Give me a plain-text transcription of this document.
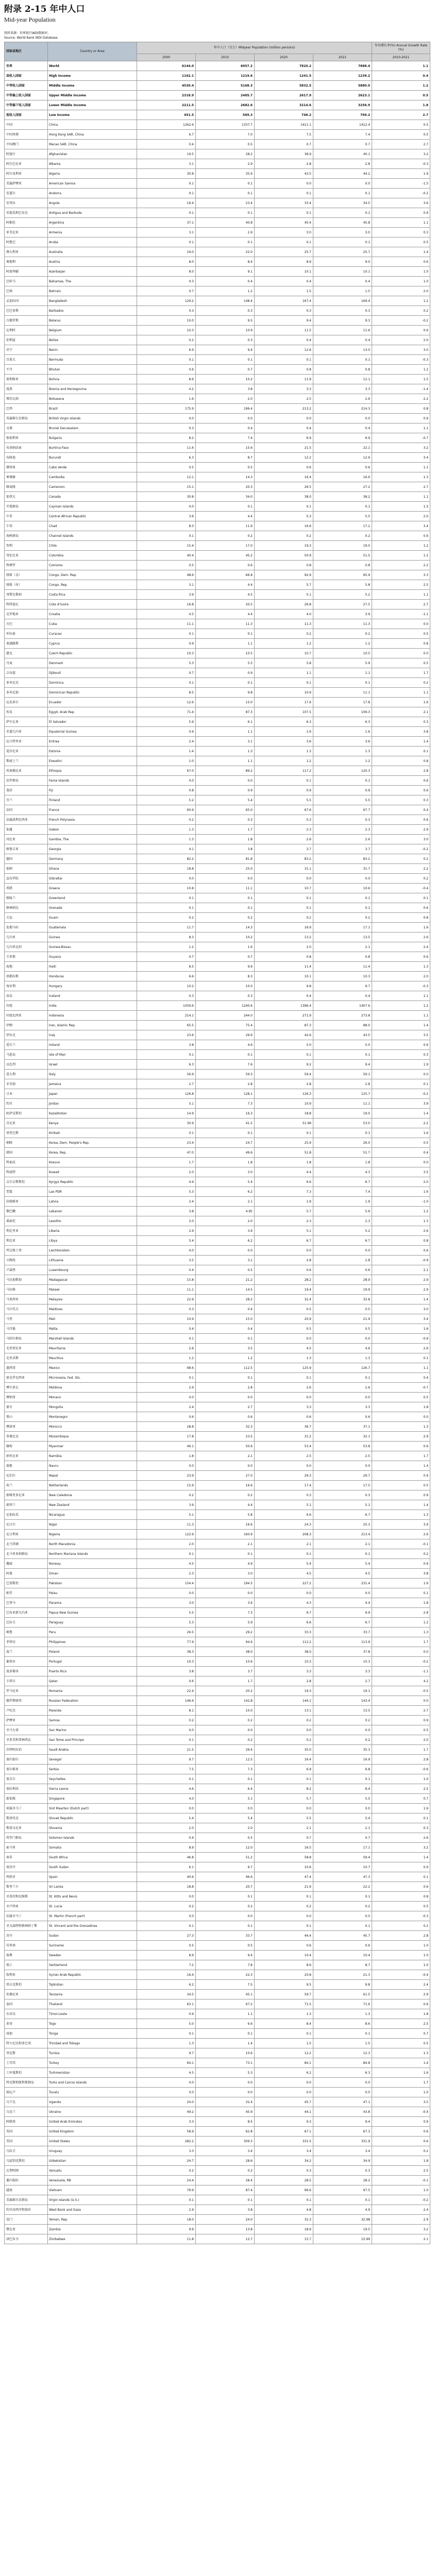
附录 2-15 年中人口
Mid-year Population
资料来源：世界银行WDI数据库。
Source: World Bank WDI Database.
国家或地区	Country or Area	年中人口（百万）Midyear Population (million persons)				年均增长率(%) Annual Growth Rate (%)
		2000	2010	2020	2021	2010-2021
世界	World	6144.0	6957.2	7820.2	7888.4	1.1
高收入国家	High Income	1162.1	1219.6	1241.5	1239.2	0.4
中等收入国家	Middle Income	4530.4	5168.3	5832.5	5880.0	1.2
中等偏上收入国家	Upper Middle Income	2318.9	2485.7	2617.9	2623.1	0.5
中等偏下收入国家	Lower Middle Income	2211.5	2682.6	3214.6	3256.9	1.8
低收入国家	Low Income	451.5	569.3	746.2	769.2	2.7
中国	China	1262.6	1337.7	1411.1	1412.4	0.5
中国香港	Hong Kong SAR, China	6.7	7.0	7.5	7.4	0.5
中国澳门	Macao SAR, China	0.4	0.5	0.7	0.7	2.7
阿富汗	Afghanistan	19.5	28.2	38.9	40.1	3.2
阿尔巴尼亚	Albania	3.1	2.9	2.8	2.8	-0.3
阿尔及利亚	Algeria	30.8	35.9	43.5	44.2	1.9
美属萨摩亚	American Samoa	0.1	0.1	0.0	0.0	-1.5
安道尔	Andorra	0.1	0.1	0.1	0.1	-0.2
安哥拉	Angola	16.4	23.4	33.4	34.5	3.6
安提瓜和巴布达	Antigua and Barbuda	0.1	0.1	0.1	0.1	0.9
阿根廷	Argentina	37.1	40.8	45.4	45.8	1.1
亚美尼亚	Armenia	3.1	2.9	3.0	3.0	0.3
阿鲁巴	Aruba	0.1	0.1	0.1	0.1	0.5
澳大利亚	Australia	19.0	22.0	25.7	25.7	1.4
奥地利	Austria	8.0	8.4	8.9	9.0	0.6
阿塞拜疆	Azerbaijan	8.0	9.1	10.1	10.1	1.0
巴哈马	Bahamas, The	0.3	0.4	0.4	0.4	1.0
巴林	Bahrain	0.7	1.2	1.5	1.5	2.0
孟加拉国	Bangladesh	129.2	148.4	167.4	169.4	1.2
巴巴多斯	Barbados	0.3	0.3	0.3	0.3	0.2
白俄罗斯	Belarus	10.0	9.5	9.4	9.3	-0.2
比利时	Belgium	10.3	10.9	11.5	11.6	0.6
伯利兹	Belize	0.2	0.3	0.4	0.4	2.0
贝宁	Benin	6.9	9.4	12.6	13.0	3.0
百慕大	Bermuda	0.1	0.1	0.1	0.1	-0.3
不丹	Bhutan	0.6	0.7	0.8	0.8	1.2
玻利维亚	Bolivia	8.6	10.2	11.9	12.1	1.5
波黑	Bosnia and Herzegovina	4.2	3.8	3.3	3.3	-1.4
博茨瓦纳	Botswana	1.6	2.0	2.5	2.6	2.2
巴西	Brazil	175.9	196.4	213.2	214.3	0.8
英属维尔京群岛	British Virgin Islands	0.0	0.0	0.0	0.0	0.9
文莱	Brunei Darussalam	0.3	0.4	0.4	0.4	1.1
保加利亚	Bulgaria	8.2	7.4	6.9	6.9	-0.7
布基纳法索	Burkina Faso	11.6	15.6	21.5	22.1	3.2
布隆迪	Burundi	6.3	8.7	12.2	12.6	3.4
佛得角	Cabo Verde	0.5	0.5	0.6	0.6	1.1
柬埔寨	Cambodia	12.1	14.3	16.4	16.6	1.3
喀麦隆	Cameroon	15.1	20.3	26.5	27.2	2.7
加拿大	Canada	30.8	34.0	38.0	38.2	1.1
开曼群岛	Cayman Islands	0.0	0.1	0.1	0.1	1.5
中非	Central African Republic	3.6	4.4	5.3	5.5	2.0
乍得	Chad	8.3	11.9	16.6	17.2	3.4
海峡群岛	Channel Islands	0.1	0.2	0.2	0.2	0.6
智利	Chile	15.4	17.0	19.3	19.5	1.2
哥伦比亚	Colombia	40.4	45.2	50.9	51.5	1.2
科摩罗	Comoros	0.5	0.6	0.8	0.8	2.2
刚果（金）	Congo, Dem. Rep.	48.6	66.8	92.9	95.9	3.3
刚果（布）	Congo, Rep.	3.1	4.4	5.7	5.8	2.5
哥斯达黎加	Costa Rica	3.9	4.5	5.1	5.2	1.1
科特迪瓦	Cote d'Ivoire	16.8	20.5	26.8	27.5	2.7
克罗地亚	Croatia	4.5	4.4	4.0	3.9	-1.1
古巴	Cuba	11.1	11.3	11.3	11.3	0.0
库拉索	Curacao	0.1	0.1	0.2	0.2	0.5
塞浦路斯	Cyprus	0.9	1.1	1.2	1.2	0.8
捷克	Czech Republic	10.3	10.5	10.7	10.5	0.0
丹麦	Denmark	5.3	5.5	5.8	5.9	0.5
吉布提	Djibouti	0.7	0.9	1.1	1.1	1.7
多米尼克	Dominica	0.1	0.1	0.1	0.1	0.2
多米尼加	Dominican Republic	8.5	9.8	10.9	11.1	1.1
厄瓜多尔	Ecuador	12.6	15.0	17.6	17.8	1.6
埃及	Egypt, Arab Rep.	71.4	87.3	107.5	109.3	2.1
萨尔瓦多	El Salvador	5.9	6.1	6.3	6.3	0.3
赤道几内亚	Equatorial Guinea	0.6	1.1	1.6	1.6	3.8
厄立特里亚	Eritrea	2.4	3.1	3.6	3.6	1.4
爱沙尼亚	Estonia	1.4	1.3	1.3	1.3	0.1
斯威士兰	Eswatini	1.0	1.1	1.2	1.2	0.8
埃塞俄比亚	Ethiopia	67.0	89.2	117.2	120.3	2.8
法罗群岛	Faroe Islands	0.0	0.0	0.1	0.1	0.6
斐济	Fiji	0.8	0.9	0.9	0.9	0.6
芬兰	Finland	5.2	5.4	5.5	5.5	0.3
法国	France	60.9	65.0	67.6	67.7	0.4
法属波利尼西亚	French Polynesia	0.2	0.3	0.3	0.3	0.6
加蓬	Gabon	1.3	1.7	2.3	2.3	2.9
冈比亚	Gambia, The	1.3	1.8	2.6	2.6	3.0
格鲁吉亚	Georgia	4.1	3.8	3.7	3.7	-0.2
德国	Germany	82.2	81.8	83.2	83.2	0.2
加纳	Ghana	18.8	25.0	31.1	31.7	2.2
直布罗陀	Gibraltar	0.0	0.0	0.0	0.0	0.2
希腊	Greece	10.8	11.1	10.7	10.6	-0.4
格陵兰	Greenland	0.1	0.1	0.1	0.1	0.1
格林纳达	Grenada	0.1	0.1	0.1	0.1	0.6
关岛	Guam	0.2	0.2	0.2	0.2	0.8
危地马拉	Guatemala	11.7	14.3	16.9	17.1	1.6
几内亚	Guinea	8.3	10.2	13.2	13.5	2.6
几内亚比绍	Guinea-Bissau	1.2	1.6	2.0	2.1	2.4
圭亚那	Guyana	0.7	0.7	0.8	0.8	0.6
海地	Haiti	8.5	9.9	11.4	11.4	1.3
洪都拉斯	Honduras	6.6	8.3	10.1	10.3	2.0
匈牙利	Hungary	10.2	10.0	9.8	9.7	-0.3
冰岛	Iceland	0.3	0.3	0.4	0.4	1.1
印度	India	1059.6	1240.6	1396.4	1407.6	1.2
印度尼西亚	Indonesia	214.1	244.0	271.9	273.8	1.1
伊朗	Iran, Islamic Rep.	65.5	75.4	87.3	88.0	1.4
伊拉克	Iraq	23.6	29.9	42.6	43.5	3.5
爱尔兰	Ireland	3.8	4.6	5.0	5.0	0.9
马恩岛	Isle of Man	0.1	0.1	0.1	0.1	0.3
以色列	Israel	6.3	7.6	9.2	9.4	1.9
意大利	Italy	56.9	59.3	59.4	59.1	0.0
牙买加	Jamaica	2.7	2.8	2.8	2.8	0.1
日本	Japan	126.8	128.1	126.3	125.7	-0.2
约旦	Jordan	5.1	7.3	10.9	11.1	3.9
哈萨克斯坦	Kazakhstan	14.9	16.3	18.8	19.0	1.4
肯尼亚	Kenya	30.9	41.5	51.99	53.0	2.2
基里巴斯	Kiribati	0.1	0.1	0.1	0.1	1.6
朝鲜	Korea, Dem. People's Rep.	23.4	24.7	25.9	26.0	0.5
韩国	Korea, Rep.	47.0	49.6	51.8	51.7	0.4
科索沃	Kosovo	1.7	1.8	1.8	1.8	0.0
科威特	Kuwait	2.0	3.0	4.4	4.3	3.5
吉尔吉斯斯坦	Kyrgyz Republic	4.9	5.4	6.6	6.7	2.0
老挝	Lao PDR	5.3	6.2	7.3	7.4	1.6
拉脱维亚	Latvia	2.4	2.1	1.9	1.9	-1.0
黎巴嫩	Lebanon	3.8	4.95	5.7	5.6	1.2
莱索托	Lesotho	2.0	2.0	2.3	2.3	1.3
利比里亚	Liberia	2.9	3.9	5.1	5.2	2.6
利比亚	Libya	5.4	6.2	6.7	6.7	0.8
列支敦士登	Liechtenstein	0.0	0.0	0.0	0.0	0.6
立陶宛	Lithuania	3.5	3.1	2.8	2.8	-0.9
卢森堡	Luxembourg	0.4	0.5	0.6	0.6	2.1
马达加斯加	Madagascar	15.8	21.2	28.2	28.9	2.9
马拉维	Malawi	11.1	14.5	19.4	19.9	2.9
马来西亚	Malaysia	22.9	28.2	32.4	32.8	1.4
马尔代夫	Maldives	0.3	0.4	0.5	0.5	3.0
马里	Mali	10.9	15.0	20.9	21.9	3.4
马耳他	Malta	0.4	0.4	0.5	0.5	1.6
马绍尔群岛	Marshall Islands	0.1	0.1	0.0	0.0	-0.9
毛里塔尼亚	Mauritania	2.6	3.5	4.5	4.6	2.6
毛里求斯	Mauritius	1.2	1.2	1.3	1.3	0.1
墨西哥	Mexico	98.6	112.5	125.9	126.7	1.1
密克罗尼西亚	Micronesia, Fed. Sts.	0.1	0.1	0.1	0.1	0.4
摩尔多瓦	Moldova	2.9	2.8	2.6	2.6	-0.7
摩纳哥	Monaco	0.0	0.0	0.0	0.0	0.5
蒙古	Mongolia	2.4	2.7	3.3	3.3	1.8
黑山	Montenegro	0.6	0.6	0.6	0.6	0.0
摩洛哥	Morocco	28.8	32.3	36.7	37.1	1.3
莫桑比克	Mozambique	17.8	23.5	31.2	32.1	2.9
缅甸	Myanmar	46.1	50.6	53.4	53.8	0.6
纳米比亚	Namibia	1.8	2.1	2.5	2.5	1.7
瑙鲁	Nauru	0.0	0.0	0.0	0.0	1.4
尼泊尔	Nepal	23.9	27.0	29.3	29.7	0.9
荷兰	Netherlands	15.9	16.6	17.4	17.5	0.5
新喀里多尼亚	New Caledonia	0.2	0.2	0.3	0.3	0.9
新西兰	New Zealand	3.9	4.4	5.1	5.1	1.4
尼加拉瓜	Nicaragua	5.1	5.8	6.6	6.7	1.3
尼日尔	Niger	11.3	16.6	24.3	25.3	3.9
尼日利亚	Nigeria	122.9	160.9	208.3	213.4	2.6
北马其顿	North Macedonia	2.0	2.1	2.1	2.1	-0.1
北马里亚纳群岛	Northern Mariana Islands	0.1	0.1	0.1	0.1	0.2
挪威	Norway	4.5	4.9	5.4	5.4	0.9
阿曼	Oman	2.3	3.0	4.5	4.5	3.8
巴基斯坦	Pakistan	154.4	194.5	227.2	231.4	1.6
帕劳	Palau	0.0	0.0	0.0	0.0	0.1
巴拿马	Panama	3.0	3.6	4.3	4.4	1.8
巴布亚新几内亚	Papua New Guinea	5.5	7.3	9.7	9.9	2.8
巴拉圭	Paraguay	5.3	5.9	6.6	6.7	1.2
秘鲁	Peru	26.5	29.2	33.3	33.7	1.3
菲律宾	Philippines	77.9	94.6	112.2	113.9	1.7
波兰	Poland	38.3	38.0	38.0	37.8	0.0
葡萄牙	Portugal	10.3	10.6	10.3	10.3	-0.2
波多黎各	Puerto Rico	3.8	3.7	3.3	3.3	-1.1
卡塔尔	Qatar	0.6	1.7	2.8	2.7	4.2
罗马尼亚	Romania	22.4	20.2	19.3	19.1	-0.5
俄罗斯联邦	Russian Federation	146.6	142.8	144.1	143.4	0.0
卢旺达	Rwanda	8.1	10.0	13.1	13.5	2.7
萨摩亚	Samoa	0.2	0.2	0.2	0.2	0.9
圣马力诺	San Marino	0.0	0.0	0.0	0.0	0.5
圣多美和普林西比	Sao Tome and Principe	0.1	0.2	0.2	0.2	2.0
沙特阿拉伯	Saudi Arabia	21.5	29.4	35.0	35.3	1.7
塞内加尔	Senegal	9.7	12.5	16.4	16.9	2.8
塞尔维亚	Serbia	7.5	7.3	6.9	6.8	-0.6
塞舌尔	Seychelles	0.1	0.1	0.1	0.1	1.0
塞拉利昂	Sierra Leone	4.6	6.4	8.2	8.4	2.5
新加坡	Singapore	4.0	5.1	5.7	5.5	0.7
荷属圣马丁	Sint Maarten (Dutch part)	0.0	0.0	0.0	0.0	1.6
斯洛伐克	Slovak Republic	5.4	5.4	5.5	5.4	0.1
斯洛文尼亚	Slovenia	2.0	2.0	2.1	2.1	0.3
所罗门群岛	Solomon Islands	0.4	0.5	0.7	0.7	2.6
索马里	Somalia	8.9	12.0	16.5	17.1	3.2
南非	South Africa	46.8	51.2	58.8	59.4	1.4
南苏丹	South Sudan	6.1	9.7	10.6	10.7	0.9
西班牙	Spain	40.6	46.6	47.4	47.3	0.1
斯里兰卡	Sri Lanka	18.8	20.7	21.9	22.2	0.6
圣基茨和尼维斯	St. Kitts and Nevis	0.0	0.1	0.1	0.1	0.8
圣卢西亚	St. Lucia	0.2	0.2	0.2	0.2	0.5
法属圣马丁	St. Martin (French part)	0.0	0.0	0.0	0.0	-0.3
圣文森特和格林纳丁斯	St. Vincent and the Grenadines	0.1	0.1	0.1	0.1	0.2
苏丹	Sudan	27.3	33.7	44.4	45.7	2.8
苏里南	Suriname	0.5	0.5	0.6	0.6	1.0
瑞典	Sweden	8.9	9.4	10.4	10.4	1.0
瑞士	Switzerland	7.2	7.8	8.6	8.7	1.0
叙利亚	Syrian Arab Republic	16.4	22.3	20.8	21.3	-0.4
塔吉克斯坦	Tajikistan	6.2	7.5	9.5	9.8	2.4
坦桑尼亚	Tanzania	34.5	45.1	59.7	61.5	2.9
泰国	Thailand	63.1	67.2	71.5	71.6	0.6
东帝汶	Timor-Leste	0.9	1.1	1.3	1.3	1.8
多哥	Togo	5.0	6.6	8.4	8.6	2.5
汤加	Tonga	0.1	0.1	0.1	0.1	0.7
特立尼达和多巴哥	Trinidad and Tobago	1.3	1.4	1.5	1.5	0.5
突尼斯	Tunisia	9.7	10.6	12.2	12.3	1.3
土耳其	Turkey	64.1	73.1	84.1	84.8	1.4
土库曼斯坦	Turkmenistan	4.5	5.3	6.2	6.3	1.6
特克斯和凯科斯群岛	Turks and Caicos Islands	0.0	0.0	0.0	0.0	1.7
图瓦卢	Tuvalu	0.0	0.0	0.0	0.0	1.0
乌干达	Uganda	24.0	32.4	45.7	47.1	3.5
乌克兰	Ukraine	49.2	45.9	44.1	43.8	-0.4
阿联酋	United Arab Emirates	3.3	8.5	9.3	9.4	0.9
英国	United Kingdom	58.9	62.8	67.1	67.3	0.6
美国	United States	282.2	309.3	331.5	331.9	0.6
乌拉圭	Uruguay	3.3	3.4	3.4	3.4	0.2
乌兹别克斯坦	Uzbekistan	24.7	28.6	34.2	34.9	1.8
瓦努阿图	Vanuatu	0.2	0.2	0.3	0.3	2.5
委内瑞拉	Venezuela, RB	24.4	28.4	28.5	28.2	-0.1
越南	Vietnam	79.9	87.4	96.6	97.5	1.0
美属维尔京群岛	Virgin Islands (U.S.)	0.1	0.1	0.1	0.1	-0.2
约旦河西岸和加沙	West Bank and Gaza	2.9	3.8	4.8	4.9	2.4
也门	Yemen, Rep.	18.0	24.0	32.3	32.98	2.9
赞比亚	Zambia	9.9	13.8	18.9	19.5	3.2
津巴布韦	Zimbabwe	11.8	12.7	15.7	15.99	2.1
